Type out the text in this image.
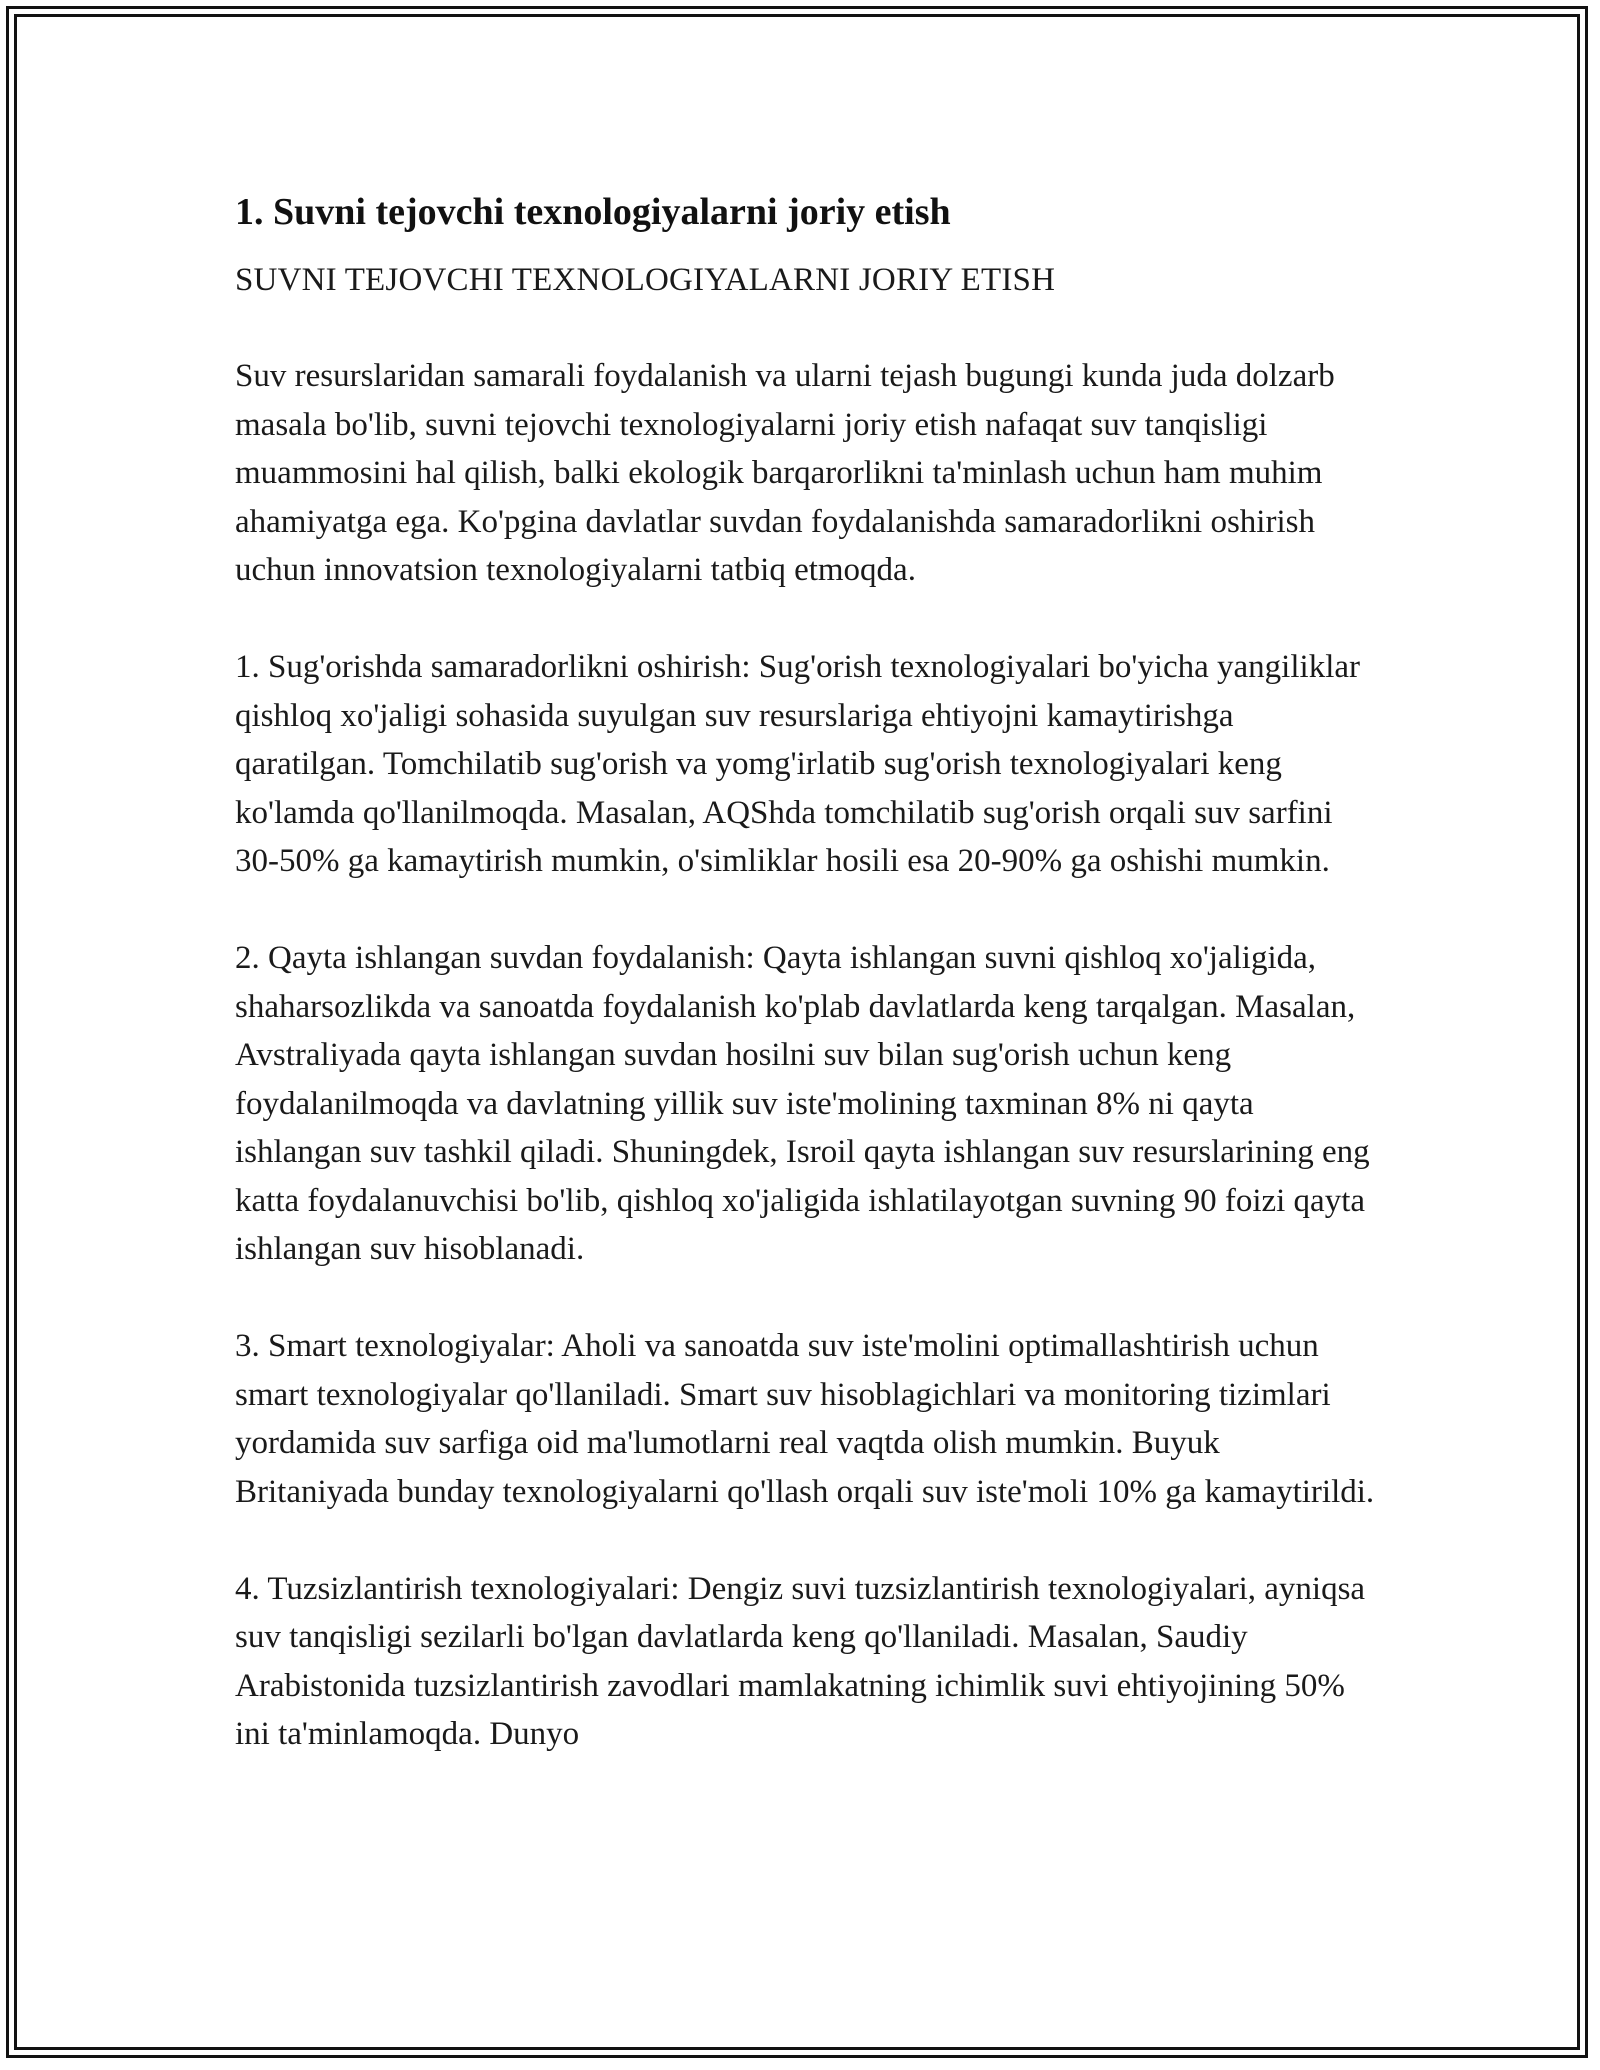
1. Suvni tejovchi texnologiyalarni joriy etish

SUVNI TEJOVCHI TEXNOLOGIYALARNI JORIY ETISH

Suv resurslaridan samarali foydalanish va ularni tejash bugungi kunda juda dolzarb masala bo'lib, suvni tejovchi texnologiyalarni joriy etish nafaqat suv tanqisligi muammosini hal qilish, balki ekologik barqarorlikni ta'minlash uchun ham muhim ahamiyatga ega. Ko'pgina davlatlar suvdan foydalanishda samaradorlikni oshirish uchun innovatsion texnologiyalarni tatbiq etmoqda.

1. Sug'orishda samaradorlikni oshirish: Sug'orish texnologiyalari bo'yicha yangiliklar qishloq xo'jaligi sohasida suyulgan suv resurslariga ehtiyojni kamaytirishga qaratilgan. Tomchilatib sug'orish va yomg'irlatib sug'orish texnologiyalari keng ko'lamda qo'llanilmoqda. Masalan, AQShda tomchilatib sug'orish orqali suv sarfini 30-50% ga kamaytirish mumkin, o'simliklar hosili esa 20-90% ga oshishi mumkin.

2. Qayta ishlangan suvdan foydalanish: Qayta ishlangan suvni qishloq xo'jaligida, shaharsozlikda va sanoatda foydalanish ko'plab davlatlarda keng tarqalgan. Masalan, Avstraliyada qayta ishlangan suvdan hosilni suv bilan sug'orish uchun keng foydalanilmoqda va davlatning yillik suv iste'molining taxminan 8% ni qayta ishlangan suv tashkil qiladi. Shuningdek, Isroil qayta ishlangan suv resurslarining eng katta foydalanuvchisi bo'lib, qishloq xo'jaligida ishlatilayotgan suvning 90 foizi qayta ishlangan suv hisoblanadi.

3. Smart texnologiyalar: Aholi va sanoatda suv iste'molini optimallashtirish uchun smart texnologiyalar qo'llaniladi. Smart suv hisoblagichlari va monitoring tizimlari yordamida suv sarfiga oid ma'lumotlarni real vaqtda olish mumkin. Buyuk Britaniyada bunday texnologiyalarni qo'llash orqali suv iste'moli 10% ga kamaytirildi.

4. Tuzsizlantirish texnologiyalari: Dengiz suvi tuzsizlantirish texnologiyalari, ayniqsa suv tanqisligi sezilarli bo'lgan davlatlarda keng qo'llaniladi. Masalan, Saudiy Arabistonida tuzsizlantirish zavodlari mamlakatning ichimlik suvi ehtiyojining 50% ini ta'minlamoqda. Dunyo
